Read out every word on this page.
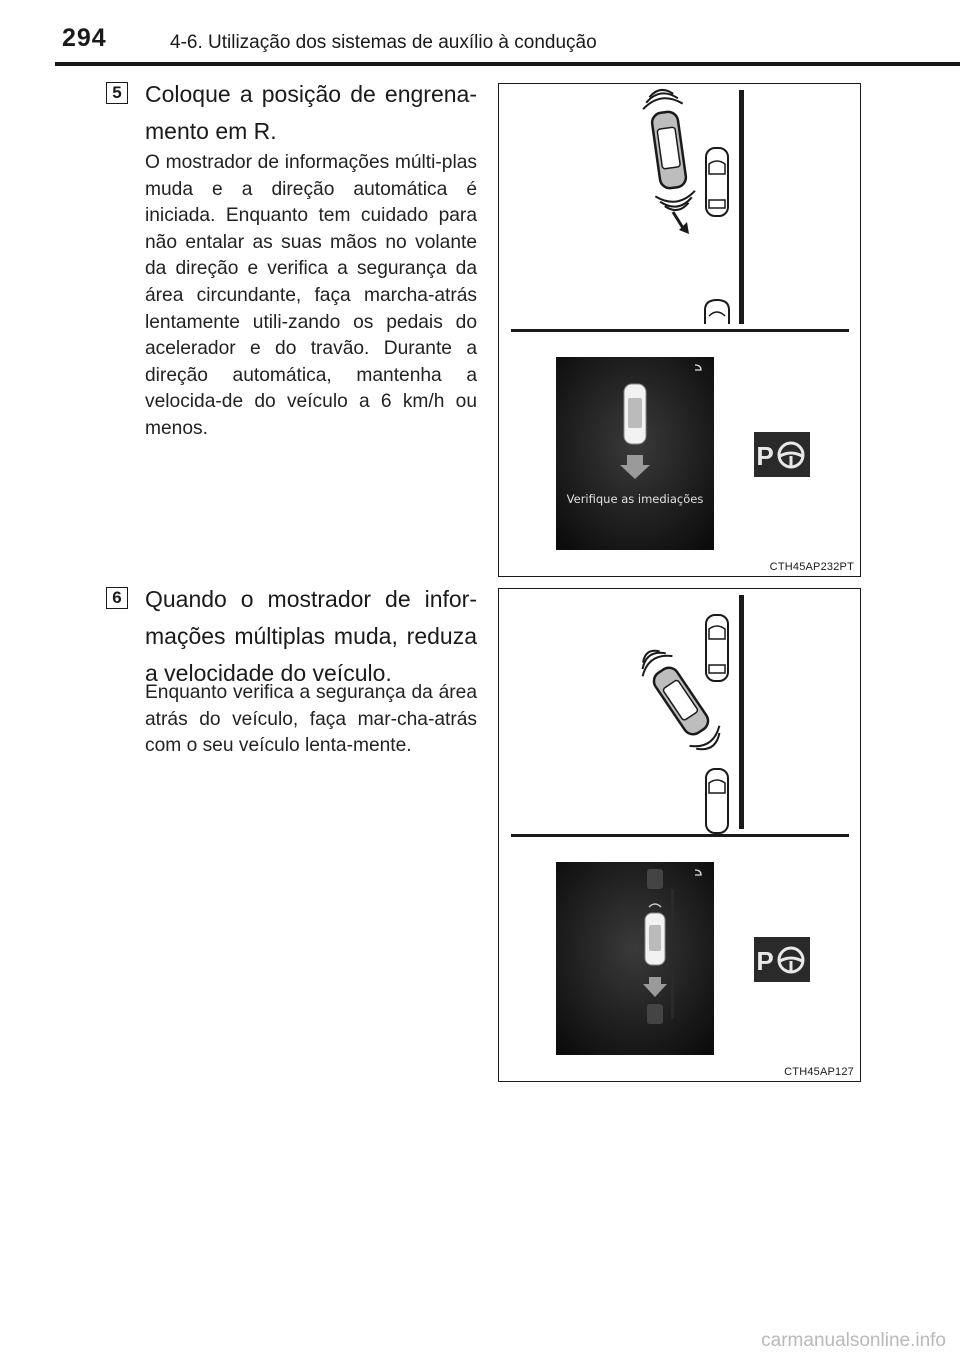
294	4-6. Utilização dos sistemas de auxílio à condução
5 Coloque a posição de engrena-mento em R.
O mostrador de informações múlti-plas muda e a direção automática é iniciada. Enquanto tem cuidado para não entalar as suas mãos no volante da direção e verifica a segurança da área circundante, faça marcha-atrás lentamente utili-zando os pedais do acelerador e do travão. Durante a direção automática, mantenha a velocida-de do veículo a 6 km/h ou menos.
Verifique as imediações
P
CTH45AP232PT
6 Quando o mostrador de infor-mações múltiplas muda, reduza a velocidade do veículo.
Enquanto verifica a segurança da área atrás do veículo, faça mar-cha-atrás com o seu veículo lenta-mente.
P
CTH45AP127
carmanualsonline.info
